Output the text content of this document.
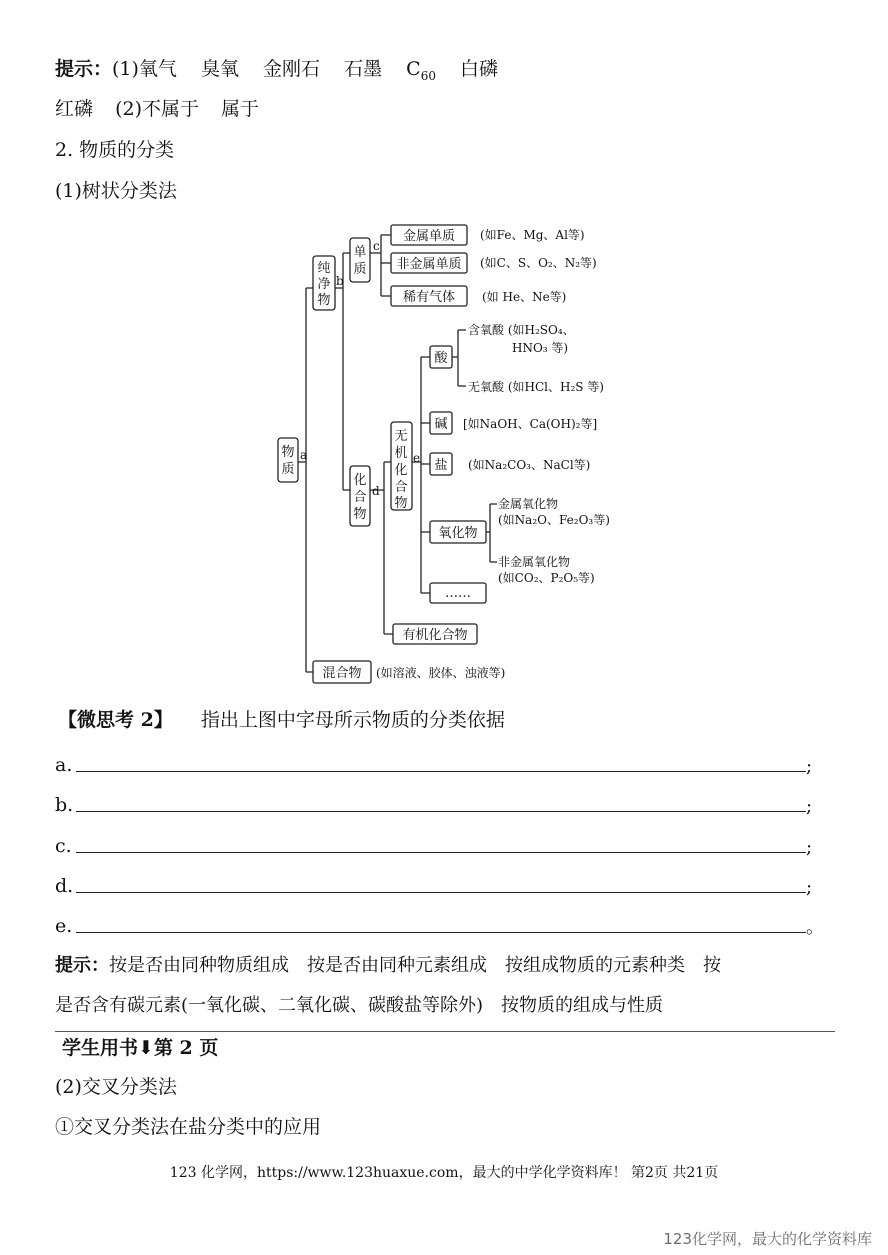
提示：(1)氧气 臭氧 金刚石 石墨 $C_{60}$ 白磷
红磷 (2)不属于 属于
2. 物质的分类
(1)树状分类法
物
质
a
纯
净
物
b
单
质
c
金属单质 (如Fe、Mg、Al等)
非金属单质 (如C、S、O₂、N₂等)
稀有气体 (如 He、Ne等)
化
合
物
d
无
机
化
合
物
e
酸
含氧酸 (如H₂SO₄、
HNO₃ 等)
无氧酸 (如HCl、H₂S 等)
碱 [如NaOH、Ca(OH)₂等]
盐 (如Na₂CO₃、NaCl等)
氧化物
金属氧化物
(如Na₂O、Fe₂O₃等)
非金属氧化物
(如CO₂、P₂O₅等)
……
有机化合物
混合物 (如溶液、胶体、浊液等)
【微思考 2】 指出上图中字母所示物质的分类依据
a.	;
b.	;
c.	;
d.	;
e.	。
提示：按是否由同种物质组成　按是否由同种元素组成　按组成物质的元素种类　按
是否含有碳元素(一氧化碳、二氧化碳、碳酸盐等除外)　按物质的组成与性质
学生用书⬇第 2 页
(2)交叉分类法
①交叉分类法在盐分类中的应用
123 化学网，https://www.123huaxue.com，最大的中学化学资料库！ 第2页 共21页
123化学网，最大的化学资料库
